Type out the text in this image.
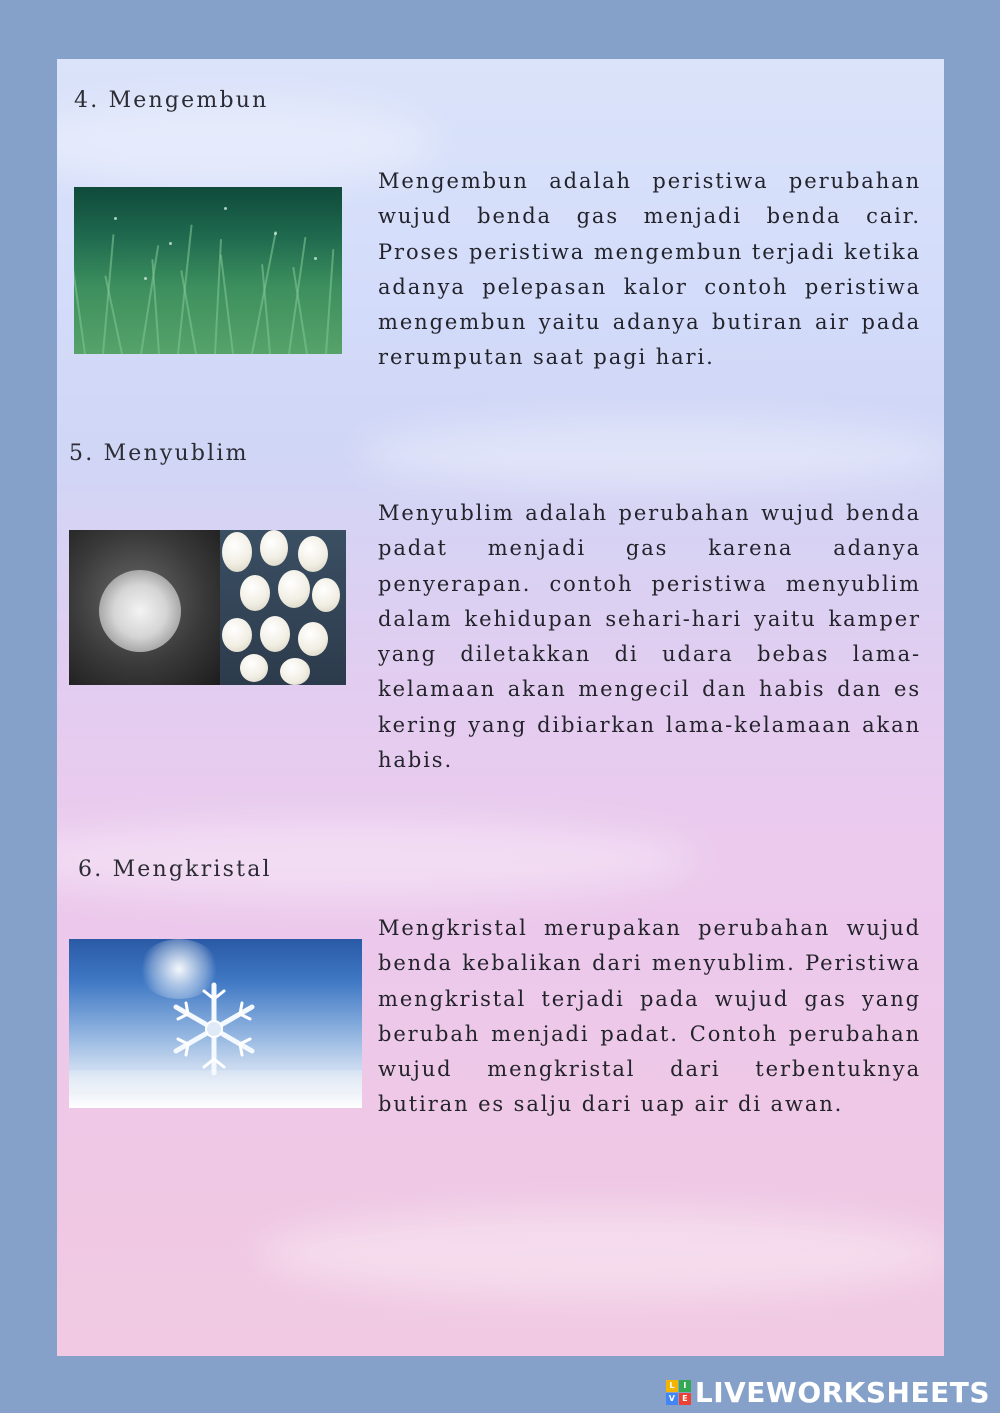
4. Mengembun
Mengembun adalah peristiwa perubahan wujud benda gas menjadi benda cair. Proses peristiwa mengembun terjadi ketika adanya pelepasan kalor contoh peristiwa mengembun yaitu adanya butiran air pada rerumputan saat pagi hari.
5. Menyublim
Menyublim adalah perubahan wujud benda padat menjadi gas karena adanya penyerapan. contoh peristiwa menyublim dalam kehidupan sehari-hari yaitu kamper yang diletakkan di udara bebas lama-kelamaan akan mengecil dan habis dan es kering yang dibiarkan lama-kelamaan akan habis.
6. Mengkristal
Mengkristal merupakan perubahan wujud benda kebalikan dari menyublim. Peristiwa mengkristal terjadi pada wujud gas yang berubah menjadi padat. Contoh perubahan wujud mengkristal dari terbentuknya butiran es salju dari uap air di awan.
L	I
V E LIVEWORKSHEETS
